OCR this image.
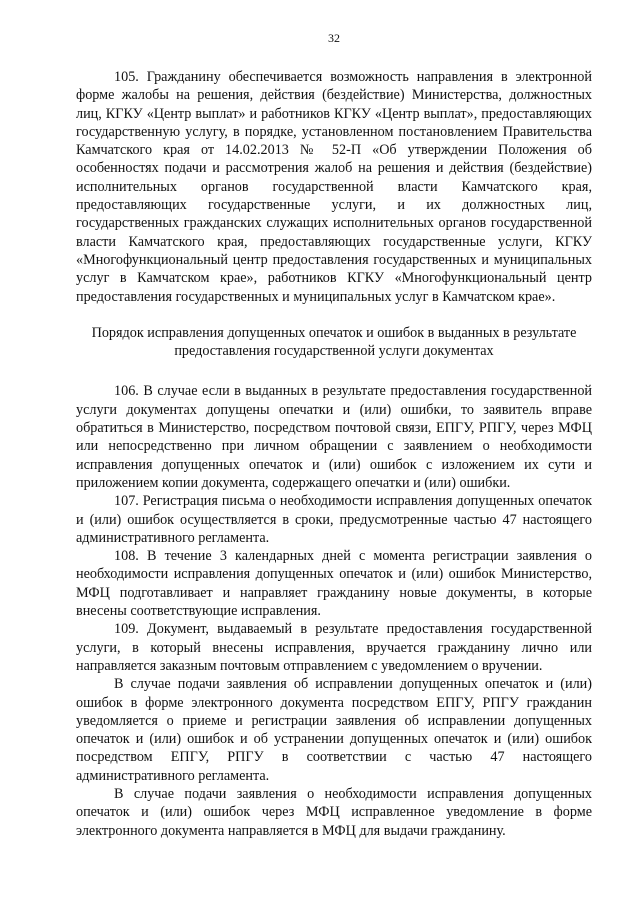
32

105. Гражданину обеспечивается возможность направления в электронной форме жалобы на решения, действия (бездействие) Министерства, должностных лиц, КГКУ «Центр выплат» и работников КГКУ «Центр выплат», предоставляющих государственную услугу, в порядке, установленном постановлением Правительства Камчатского края от 14.02.2013 № 52-П «Об утверждении Положения об особенностях подачи и рассмотрения жалоб на решения и действия (бездействие) исполнительных органов государственной власти Камчатского края, предоставляющих государственные услуги, и их должностных лиц, государственных гражданских служащих исполнительных органов государственной власти Камчатского края, предоставляющих государственные услуги, КГКУ «Многофункциональный центр предоставления государственных и муниципальных услуг в Камчатском крае», работников КГКУ «Многофункциональный центр предоставления государственных и муниципальных услуг в Камчатском крае».

Порядок исправления допущенных опечаток и ошибок в выданных в результате предоставления государственной услуги документах

106. В случае если в выданных в результате предоставления государственной услуги документах допущены опечатки и (или) ошибки, то заявитель вправе обратиться в Министерство, посредством почтовой связи, ЕПГУ, РПГУ, через МФЦ или непосредственно при личном обращении с заявлением о необходимости исправления допущенных опечаток и (или) ошибок с изложением их сути и приложением копии документа, содержащего опечатки и (или) ошибки.

107. Регистрация письма о необходимости исправления допущенных опечаток и (или) ошибок осуществляется в сроки, предусмотренные частью 47 настоящего административного регламента.

108. В течение 3 календарных дней с момента регистрации заявления о необходимости исправления допущенных опечаток и (или) ошибок Министерство, МФЦ подготавливает и направляет гражданину новые документы, в которые внесены соответствующие исправления.

109. Документ, выдаваемый в результате предоставления государственной услуги, в который внесены исправления, вручается гражданину лично или направляется заказным почтовым отправлением с уведомлением о вручении.

В случае подачи заявления об исправлении допущенных опечаток и (или) ошибок в форме электронного документа посредством ЕПГУ, РПГУ гражданин уведомляется о приеме и регистрации заявления об исправлении допущенных опечаток и (или) ошибок и об устранении допущенных опечаток и (или) ошибок посредством ЕПГУ, РПГУ в соответствии с частью 47 настоящего административного регламента.

В случае подачи заявления о необходимости исправления допущенных опечаток и (или) ошибок через МФЦ исправленное уведомление в форме электронного документа направляется в МФЦ для выдачи гражданину.
